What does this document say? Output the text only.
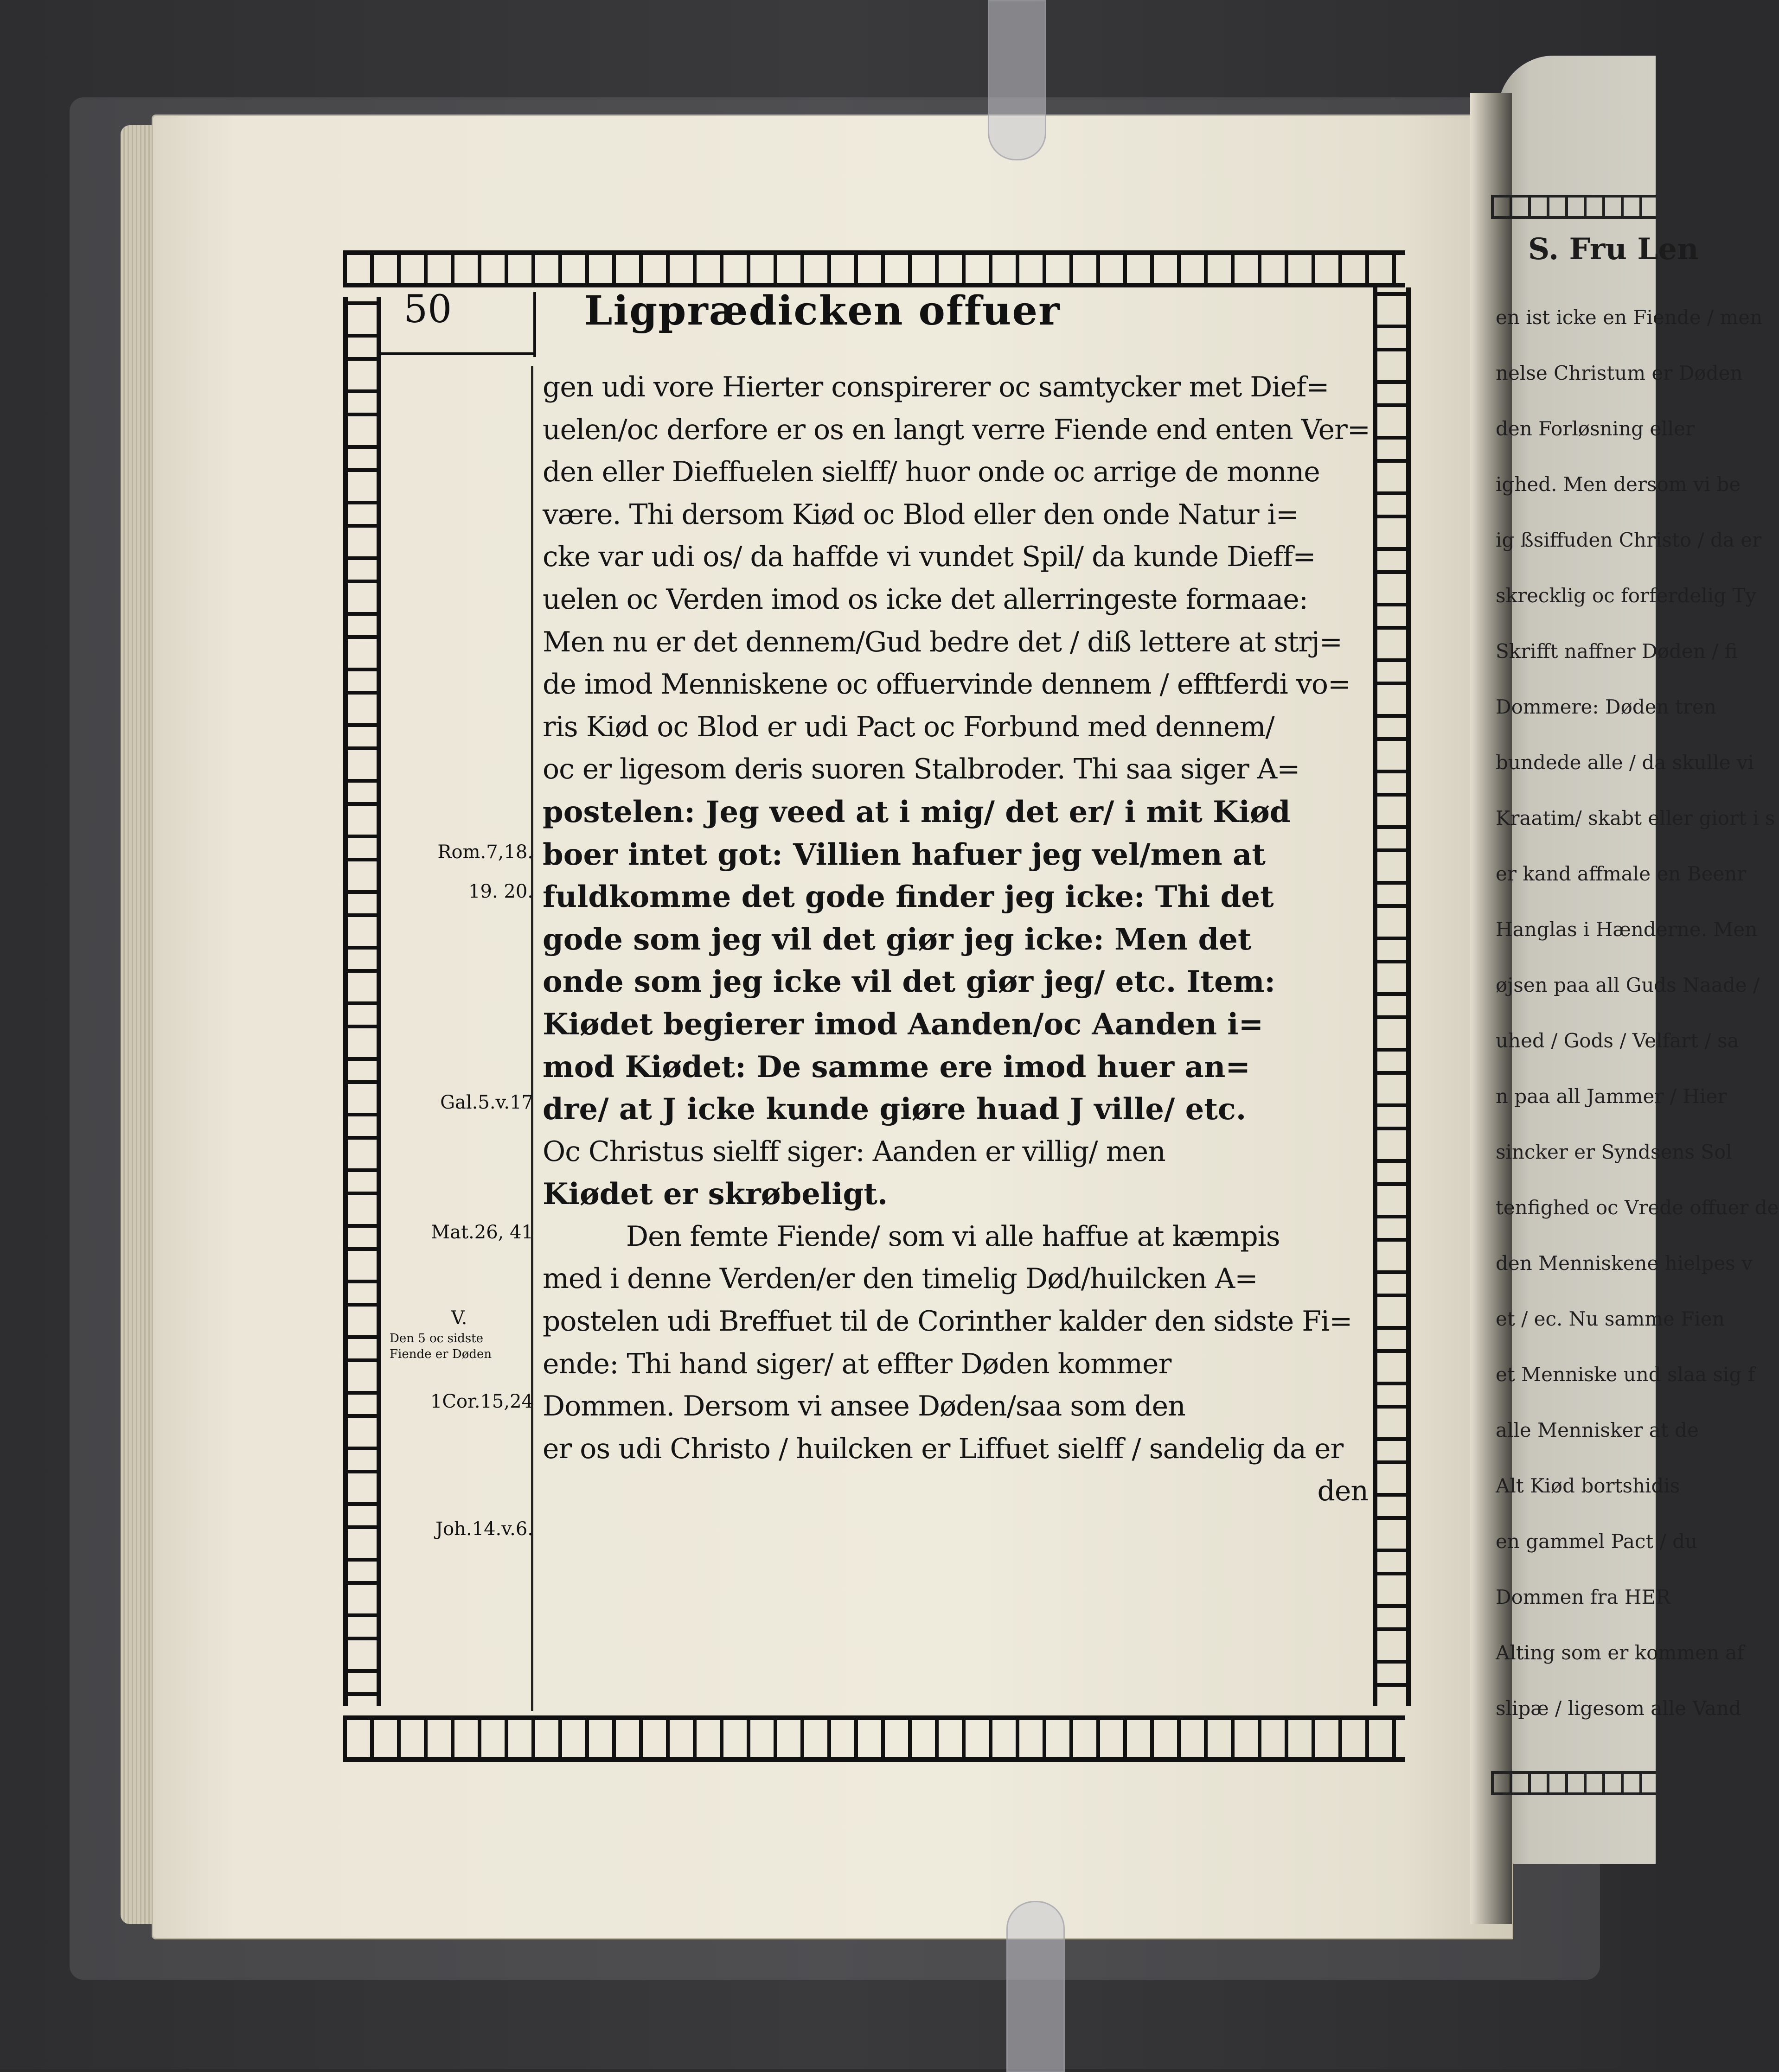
50	Ligprædicken offuer
Rom.7,18.
19. 20.
Gal.5.v.17
Mat.26, 41
V.
Den 5 oc sidste Fiende er Døden
1Cor.15,24
Joh.14.v.6.
gen udi vore Hierter conspirerer oc samtycker met Dief=
uelen/oc derfore er os en langt verre Fiende end enten Ver=
den eller Dieffuelen sielff/ huor onde oc arrige de monne
være. Thi dersom Kiød oc Blod eller den onde Natur i=
cke var udi os/ da haffde vi vundet Spil/ da kunde Dieff=
uelen oc Verden imod os icke det allerringeste formaae:
Men nu er det dennem/Gud bedre det / diß lettere at strj=
de imod Menniskene oc offuervinde dennem / efftferdi vo=
ris Kiød oc Blod er udi Pact oc Forbund med dennem/
oc er ligesom deris suoren Stalbroder. Thi saa siger A=
postelen: Jeg veed at i mig/ det er/ i mit Kiød
boer intet got: Villien hafuer jeg vel/men at
fuldkomme det gode finder jeg icke: Thi det
gode som jeg vil det giør jeg icke: Men det
onde som jeg icke vil det giør jeg/ etc. Item:
Kiødet begierer imod Aanden/oc Aanden i=
mod Kiødet: De samme ere imod huer an=
dre/ at J icke kunde giøre huad J ville/ etc.
Oc Christus sielff siger: Aanden er villig/ men
Kiødet er skrøbeligt.
Den femte Fiende/ som vi alle haffue at kæmpis
med i denne Verden/er den timelig Død/huilcken A=
postelen udi Breffuet til de Corinther kalder den sidste Fi=
ende: Thi hand siger/ at effter Døden kommer
Dommen. Dersom vi ansee Døden/saa som den
er os udi Christo / huilcken er Liffuet sielff / sandelig da er
den
S. Fru Len
en ist icke en Fiende / men
nelse Christum er Døden
den Forløsning eller
ighed. Men dersom vi be
ig ßsiffuden Christo / da er
skrecklig oc forferdelig Ty
Skrifft naffner Døden / fi
Dommere: Døden tren
bundede alle / da skulle vi
Kraatim/ skabt eller giort i s
er kand affmale en Beenr
Hanglas i Hænderne. Men
øjsen paa all Guds Naade /
uhed / Gods / Velfart / sa
n paa all Jammer / Hier
sincker er Syndsens Sol
tenfighed oc Vrede offuer de
den Menniskene hielpes v
et / ec. Nu samme Fien
et Menniske und slaa sig f
alle Mennisker at de
Alt Kiød bortshidis
en gammel Pact / du
Dommen fra HER
Alting som er kommen af
slipæ / ligesom alle Vand
